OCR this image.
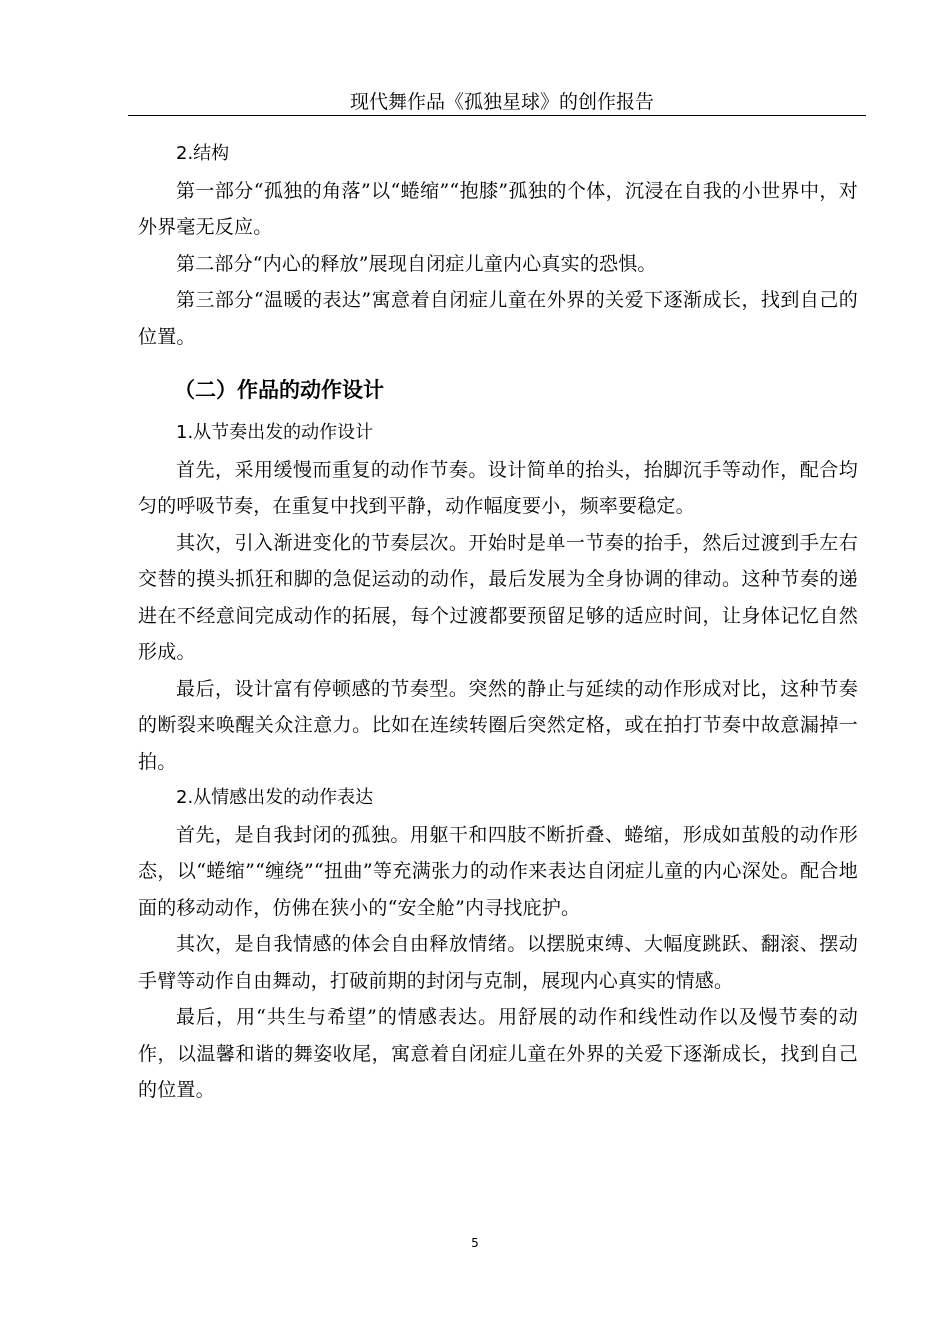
现代舞作品《孤独星球》的创作报告

2.结构

第一部分“孤独的角落”以“蜷缩”“抱膝”孤独的个体，沉浸在自我的小世界中，对外界毫无反应。

第二部分“内心的释放”展现自闭症儿童内心真实的恐惧。

第三部分“温暖的表达”寓意着自闭症儿童在外界的关爱下逐渐成长，找到自己的位置。

（二）作品的动作设计

1.从节奏出发的动作设计

首先，采用缓慢而重复的动作节奏。设计简单的抬头，抬脚沉手等动作，配合均匀的呼吸节奏，在重复中找到平静，动作幅度要小，频率要稳定。

其次，引入渐进变化的节奏层次。开始时是单一节奏的抬手，然后过渡到手左右交替的摸头抓狂和脚的急促运动的动作，最后发展为全身协调的律动。这种节奏的递进在不经意间完成动作的拓展，每个过渡都要预留足够的适应时间，让身体记忆自然形成。

最后，设计富有停顿感的节奏型。突然的静止与延续的动作形成对比，这种节奏的断裂来唤醒关众注意力。比如在连续转圈后突然定格，或在拍打节奏中故意漏掉一拍。

2.从情感出发的动作表达

首先，是自我封闭的孤独。用躯干和四肢不断折叠、蜷缩，形成如茧般的动作形态，以“蜷缩”“缠绕”“扭曲”等充满张力的动作来表达自闭症儿童的内心深处。配合地面的移动动作，仿佛在狭小的“安全舱”内寻找庇护。

其次，是自我情感的体会自由释放情绪。以摆脱束缚、大幅度跳跃、翻滚、摆动手臂等动作自由舞动，打破前期的封闭与克制，展现内心真实的情感。

最后，用“共生与希望”的情感表达。用舒展的动作和线性动作以及慢节奏的动作，以温馨和谐的舞姿收尾，寓意着自闭症儿童在外界的关爱下逐渐成长，找到自己的位置。

5
